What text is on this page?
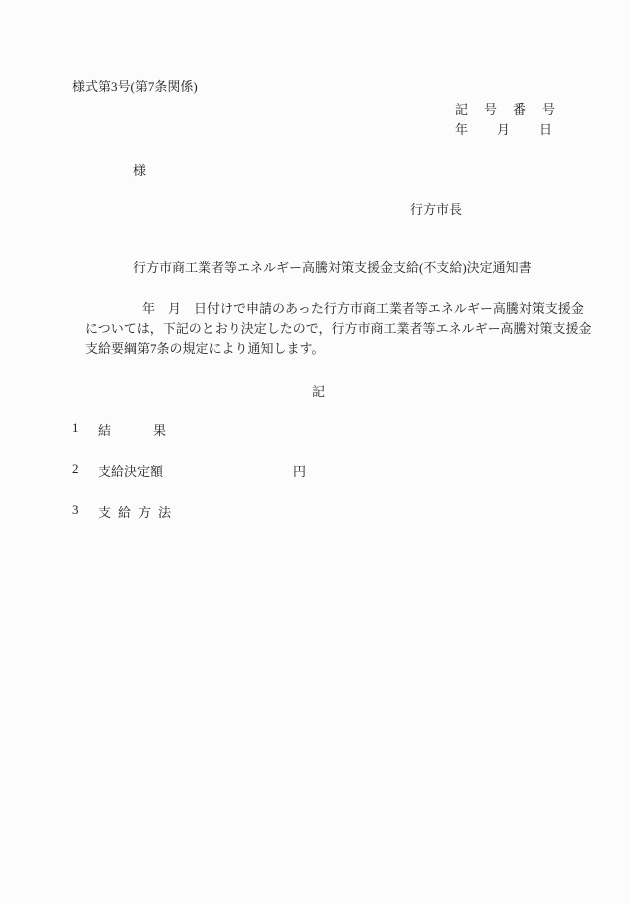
様式第3号(第7条関係)
記号番号
年月日
様
行方市長
行方市商工業者等エネルギー高騰対策支援金支給(不支給)決定通知書
年　月　日付けで申請のあった行方市商工業者等エネルギー高騰対策支援金
については，下記のとおり決定したので，行方市商工業者等エネルギー高騰対策支援金
支給要綱第7条の規定により通知します。
記
1 結果
2 支給決定額	円
3 支給方法
